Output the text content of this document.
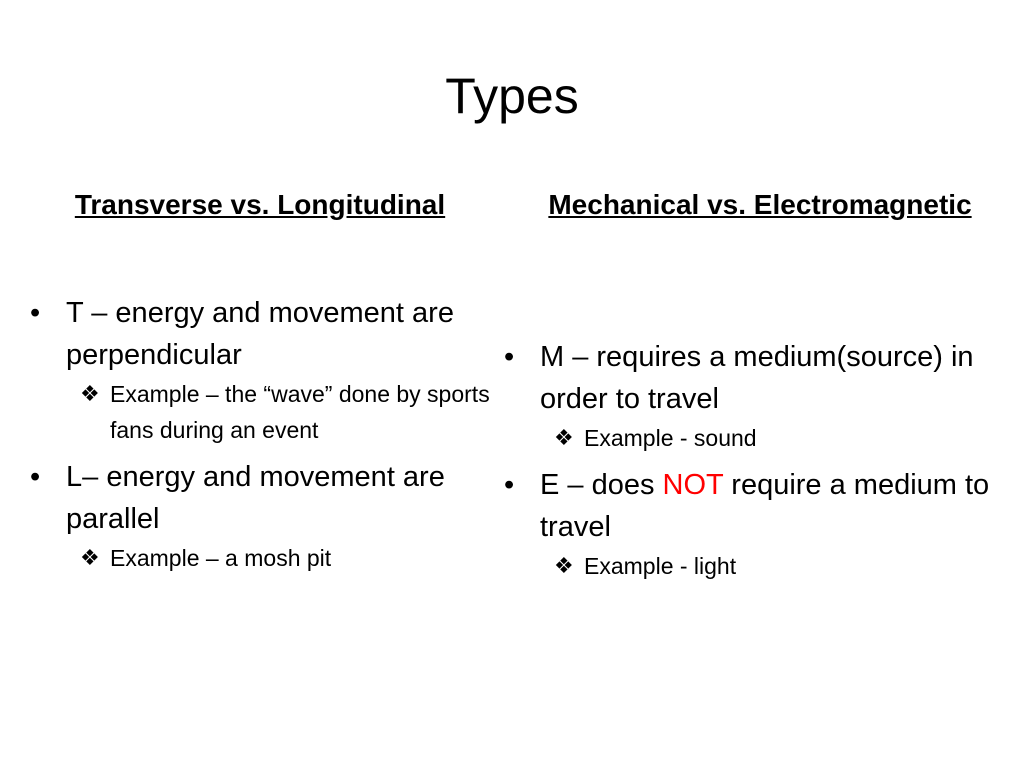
Types
Transverse vs. Longitudinal	Mechanical vs. Electromagnetic
• T – energy and movement are perpendicular
❖ Example – the “wave” done by sports fans during an event
• L– energy and movement are parallel
❖ Example – a mosh pit
• M – requires a medium(source) in order to travel
❖ Example - sound
• E – does NOT require a medium to travel
❖ Example - light
